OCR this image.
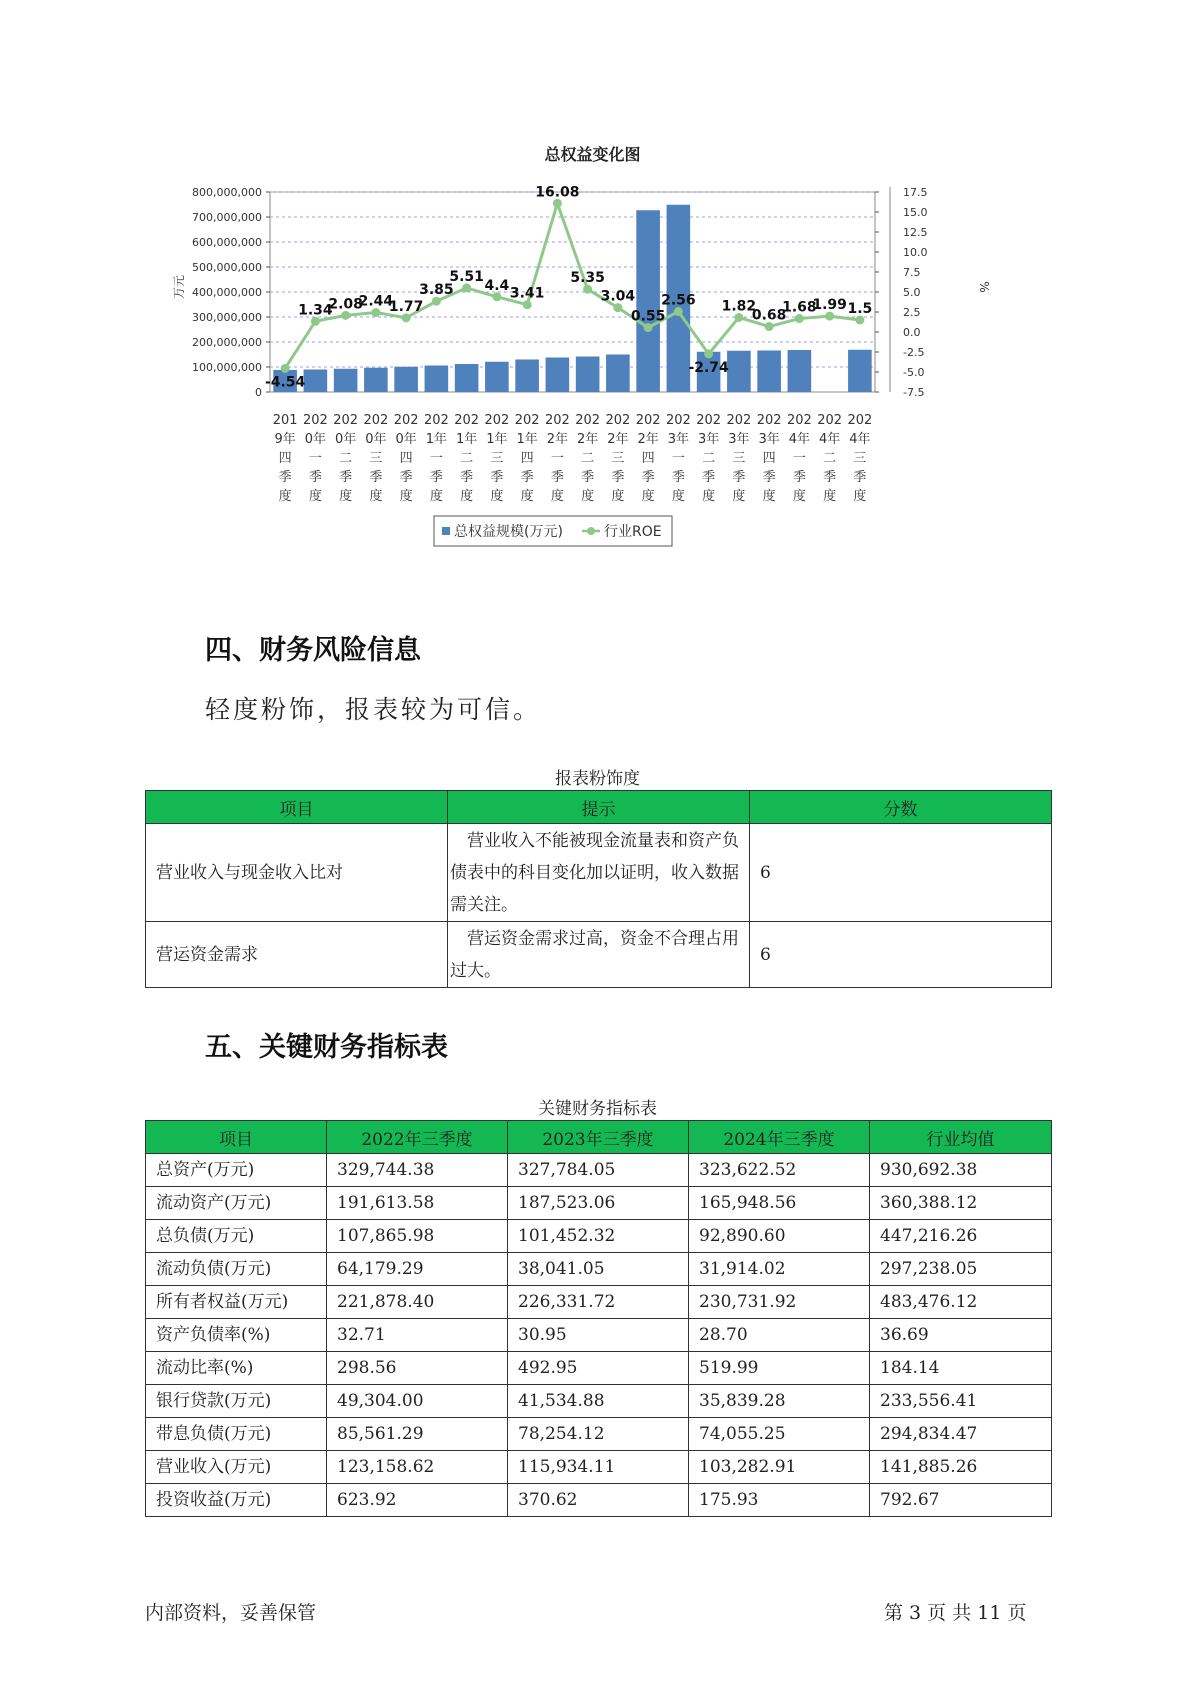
总权益变化图
0
100,000,000
200,000,000
300,000,000
400,000,000
500,000,000
600,000,000
700,000,000
800,000,000
-7.5
-5.0
-2.5
0.0
2.5
5.0
7.5
10.0
12.5
15.0
17.5
万元	%
-4.54
1.34
2.08
2.44
1.77
3.85
5.51
4.4 3.41
16.08
5.35
3.04
0.55
2.56
-2.74
1.82
0.68
1.68
1.99 1.5
201
9年
四
季
度
202
0年
一
季
度
202
0年
二
季
度
202
0年
三
季
度
202
0年
四
季
度
202
1年
一
季
度
202
1年
二
季
度
202
1年
三
季
度
202
1年
四
季
度
202
2年
一
季
度
202
2年
二
季
度
202
2年
三
季
度
202
2年
四
季
度
202
3年
一
季
度
202
3年
二
季
度
202
3年
三
季
度
202
3年
四
季
度
202
4年
一
季
度
202
4年
二
季
度
202
4年
三
季
度
总权益规模(万元)	行业ROE
四、财务风险信息

轻度粉饰，报表较为可信。

报表粉饰度
项目	提示	分数
营业收入与现金收入比对	营业收入不能被现金流量表和资产负债表中的科目变化加以证明，收入数据需关注。	6
营运资金需求	营运资金需求过高，资金不合理占用过大。	6
五、关键财务指标表
关键财务指标表
项目	2022年三季度	2023年三季度	2024年三季度	行业均值
总资产(万元)	329,744.38	327,784.05	323,622.52	930,692.38
流动资产(万元)	191,613.58	187,523.06	165,948.56	360,388.12
总负债(万元)	107,865.98	101,452.32	92,890.60	447,216.26
流动负债(万元)	64,179.29	38,041.05	31,914.02	297,238.05
所有者权益(万元)	221,878.40	226,331.72	230,731.92	483,476.12
资产负债率(%)	32.71	30.95	28.70	36.69
流动比率(%)	298.56	492.95	519.99	184.14
银行贷款(万元)	49,304.00	41,534.88	35,839.28	233,556.41
带息负债(万元)	85,561.29	78,254.12	74,055.25	294,834.47
营业收入(万元)	123,158.62	115,934.11	103,282.91	141,885.26
投资收益(万元)	623.92	370.62	175.93	792.67
内部资料，妥善保管	第 3 页 共 11 页
